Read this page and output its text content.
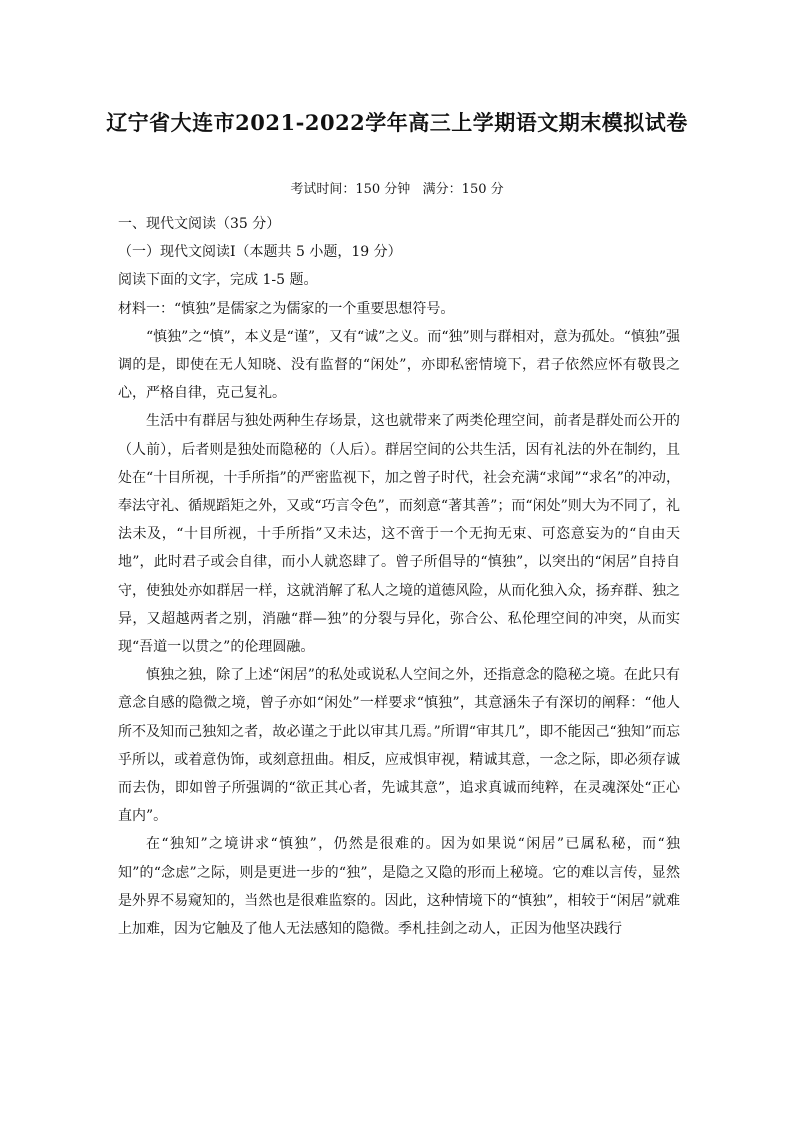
辽宁省大连市2021-2022学年高三上学期语文期末模拟试卷
考试时间：150 分钟   满分：150 分
一、现代文阅读（35 分）
（一）现代文阅读Ⅰ（本题共 5 小题，19 分）
阅读下面的文字，完成 1-5 题。
材料一：“慎独”是儒家之为儒家的一个重要思想符号。

“慎独”之“慎”，本义是“谨”，又有“诚”之义。而“独”则与群相对，意为孤处。“慎独”强调的是，即使在无人知晓、没有监督的“闲处”，亦即私密情境下，君子依然应怀有敬畏之心，严格自律，克己复礼。

生活中有群居与独处两种生存场景，这也就带来了两类伦理空间，前者是群处而公开的（人前），后者则是独处而隐秘的（人后）。群居空间的公共生活，因有礼法的外在制约，且处在“十目所视，十手所指”的严密监视下，加之曾子时代，社会充满“求闻”“求名”的冲动，奉法守礼、循规蹈矩之外，又或“巧言令色”，而刻意“著其善”；而“闲处”则大为不同了，礼法未及，“十目所视，十手所指”又未达，这不啻于一个无拘无束、可恣意妄为的“自由天地”，此时君子或会自律，而小人就恣肆了。曾子所倡导的“慎独”，以突出的“闲居”自持自守，使独处亦如群居一样，这就消解了私人之境的道德风险，从而化独入众，扬弃群、独之异，又超越两者之别，消融“群—独”的分裂与异化，弥合公、私伦理空间的冲突，从而实现“吾道一以贯之”的伦理圆融。

慎独之独，除了上述“闲居”的私处或说私人空间之外，还指意念的隐秘之境。在此只有意念自感的隐微之境，曾子亦如“闲处”一样要求“慎独”，其意涵朱子有深切的阐释：“他人所不及知而己独知之者，故必谨之于此以审其几焉。”所谓“审其几”，即不能因己“独知”而忘乎所以，或着意伪饰，或刻意扭曲。相反，应戒惧审视，精诚其意，一念之际，即必须存诚而去伪，即如曾子所强调的“欲正其心者，先诚其意”，追求真诚而纯粹，在灵魂深处“正心直内”。

在“独知”之境讲求“慎独”，仍然是很难的。因为如果说“闲居”已属私秘，而“独知”的“念虑”之际，则是更进一步的“独”，是隐之又隐的形而上秘境。它的难以言传，显然是外界不易窥知的，当然也是很难监察的。因此，这种情境下的“慎独”，相较于“闲居”就难上加难，因为它触及了他人无法感知的隐微。季札挂剑之动人，正因为他坚决践行
